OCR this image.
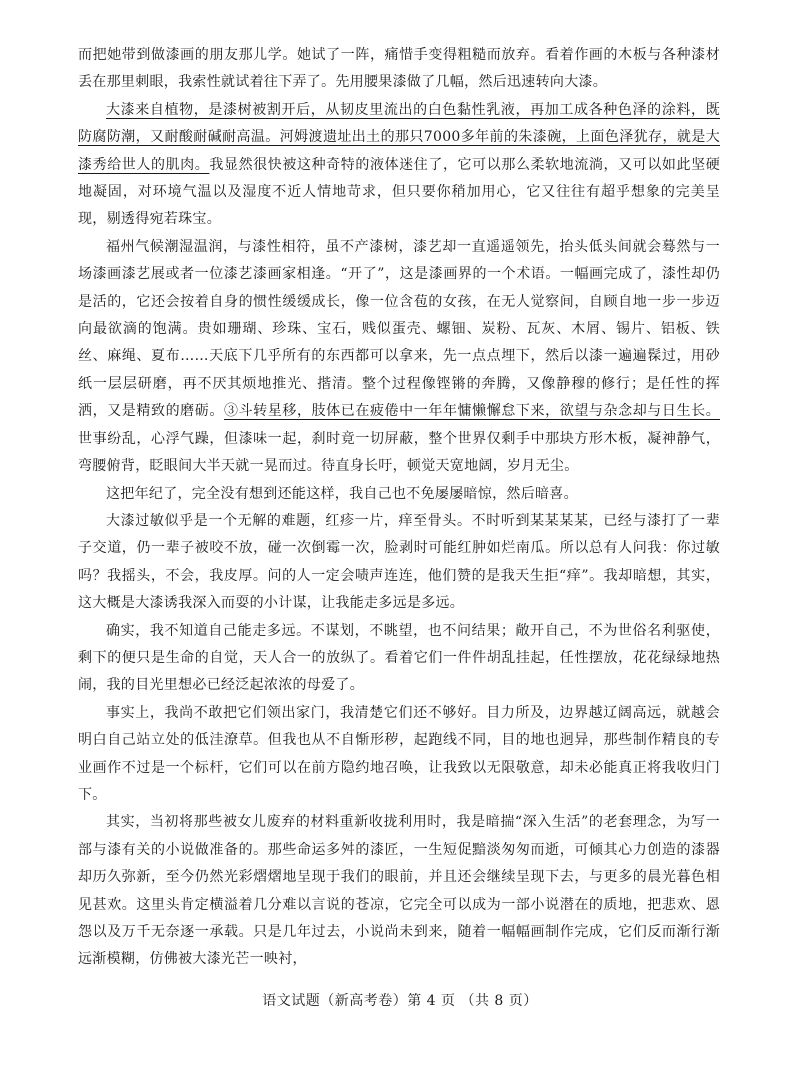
而把她带到做漆画的朋友那儿学。她试了一阵，痛惜手变得粗糙而放弃。看着作画的木板与各种漆材丢在那里刺眼，我索性就试着往下弄了。先用腰果漆做了几幅，然后迅速转向大漆。

大漆来自植物，是漆树被割开后，从韧皮里流出的白色黏性乳液，再加工成各种色泽的涂料，既防腐防潮，又耐酸耐碱耐高温。河姆渡遗址出土的那只7000多年前的朱漆碗，上面色泽犹存，就是大漆秀给世人的肌肉。我显然很快被这种奇特的液体迷住了，它可以那么柔软地流淌，又可以如此坚硬地凝固，对环境气温以及湿度不近人情地苛求，但只要你稍加用心，它又往往有超乎想象的完美呈现，剔透得宛若珠宝。

福州气候潮湿温润，与漆性相符，虽不产漆树，漆艺却一直遥遥领先，抬头低头间就会蓦然与一场漆画漆艺展或者一位漆艺漆画家相逢。“开了”，这是漆画界的一个术语。一幅画完成了，漆性却仍是活的，它还会按着自身的惯性缓缓成长，像一位含苞的女孩，在无人觉察间，自顾自地一步一步迈向最欲滴的饱满。贵如珊瑚、珍珠、宝石，贱似蛋壳、螺钿、炭粉、瓦灰、木屑、锡片、铝板、铁丝、麻绳、夏布……天底下几乎所有的东西都可以拿来，先一点点埋下，然后以漆一遍遍髹过，用砂纸一层层研磨，再不厌其烦地推光、揩清。整个过程像铿锵的奔腾，又像静穆的修行；是任性的挥洒，又是精致的磨砺。③斗转星移，肢体已在疲倦中一年年慵懒懈怠下来，欲望与杂念却与日生长。世事纷乱，心浮气躁，但漆味一起，刹时竟一切屏蔽，整个世界仅剩手中那块方形木板，凝神静气，弯腰俯背，眨眼间大半天就一晃而过。待直身长吁，顿觉天宽地阔，岁月无尘。

这把年纪了，完全没有想到还能这样，我自己也不免屡屡暗惊，然后暗喜。

大漆过敏似乎是一个无解的难题，红疹一片，痒至骨头。不时听到某某某某，已经与漆打了一辈子交道，仍一辈子被咬不放，碰一次倒霉一次，脸剥时可能红肿如烂南瓜。所以总有人问我：你过敏吗？我摇头，不会，我皮厚。问的人一定会啧声连连，他们赞的是我天生拒“痒”。我却暗想，其实，这大概是大漆诱我深入而耍的小计谋，让我能走多远是多远。

确实，我不知道自己能走多远。不谋划，不眺望，也不问结果；敞开自己，不为世俗名利驱使，剩下的便只是生命的自觉，天人合一的放纵了。看着它们一件件胡乱挂起，任性摆放，花花绿绿地热闹，我的目光里想必已经泛起浓浓的母爱了。

事实上，我尚不敢把它们领出家门，我清楚它们还不够好。目力所及，边界越辽阔高远，就越会明白自己站立处的低洼潦草。但我也从不自惭形秽，起跑线不同，目的地也迥异，那些制作精良的专业画作不过是一个标杆，它们可以在前方隐约地召唤，让我致以无限敬意，却未必能真正将我收归门下。

其实，当初将那些被女儿废弃的材料重新收拢利用时，我是暗揣“深入生活”的老套理念，为写一部与漆有关的小说做准备的。那些命运多舛的漆匠，一生短促黯淡匆匆而逝，可倾其心力创造的漆器却历久弥新，至今仍然光彩熠熠地呈现于我们的眼前，并且还会继续呈现下去，与更多的晨光暮色相见甚欢。这里头肯定横溢着几分难以言说的苍凉，它完全可以成为一部小说潜在的质地，把悲欢、恩怨以及万千无奈逐一承载。只是几年过去，小说尚未到来，随着一幅幅画制作完成，它们反而渐行渐远渐模糊，仿佛被大漆光芒一映衬，

语文试题（新高考卷）第 4 页 （共 8 页）
